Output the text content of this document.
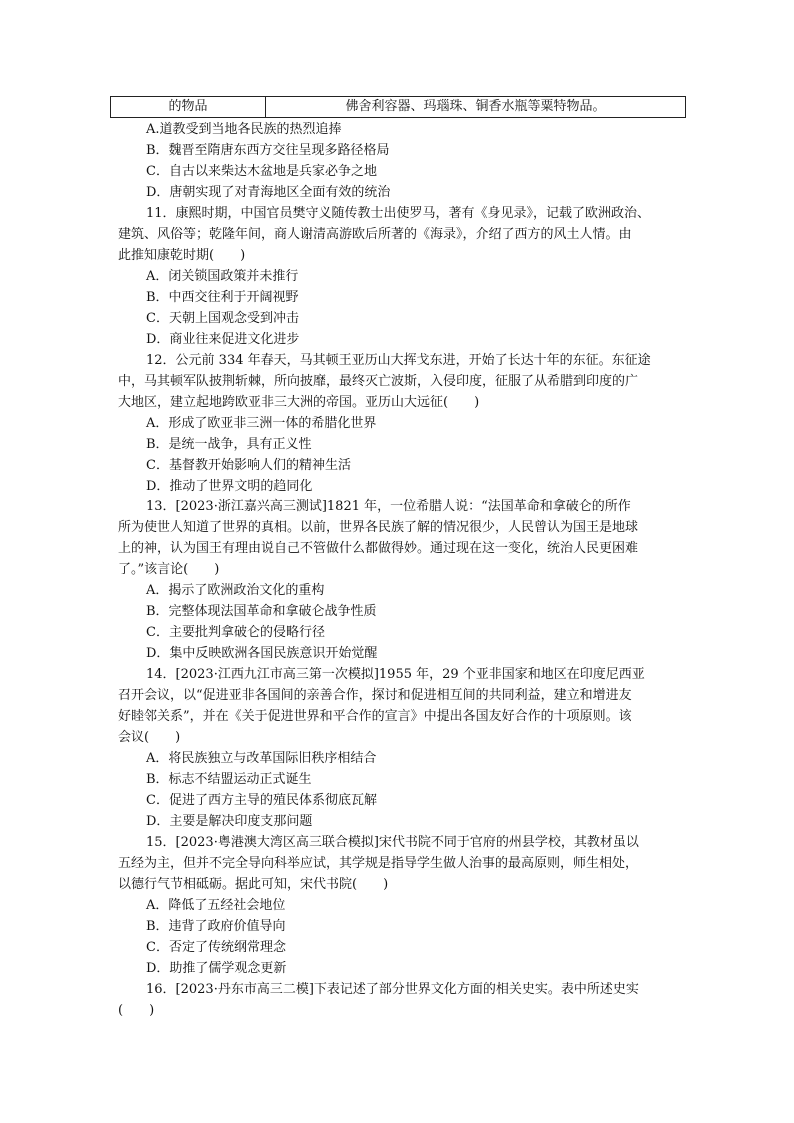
的物品	佛舍利容器、玛瑙珠、铜香水瓶等粟特物品。
A.道教受到当地各民族的热烈追捧
B．魏晋至隋唐东西方交往呈现多路径格局
C．自古以来柴达木盆地是兵家必争之地
D．唐朝实现了对青海地区全面有效的统治
11．康熙时期，中国官员樊守义随传教士出使罗马，著有《身见录》，记载了欧洲政治、
建筑、风俗等；乾隆年间，商人谢清高游欧后所著的《海录》，介绍了西方的风土人情。由
此推知康乾时期(　　)
A．闭关锁国政策并未推行
B．中西交往利于开阔视野
C．天朝上国观念受到冲击
D．商业往来促进文化进步
12．公元前 334 年春天，马其顿王亚历山大挥戈东进，开始了长达十年的东征。东征途
中，马其顿军队披荆斩棘，所向披靡，最终灭亡波斯，入侵印度，征服了从希腊到印度的广
大地区，建立起地跨欧亚非三大洲的帝国。亚历山大远征(　　)
A．形成了欧亚非三洲一体的希腊化世界
B．是统一战争，具有正义性
C．基督教开始影响人们的精神生活
D．推动了世界文明的趋同化
13．[2023·浙江嘉兴高三测试]1821 年，一位希腊人说：“法国革命和拿破仑的所作
所为使世人知道了世界的真相。以前，世界各民族了解的情况很少，人民曾认为国王是地球
上的神，认为国王有理由说自己不管做什么都做得妙。通过现在这一变化，统治人民更困难
了。”该言论(　　)
A．揭示了欧洲政治文化的重构
B．完整体现法国革命和拿破仑战争性质
C．主要批判拿破仑的侵略行径
D．集中反映欧洲各国民族意识开始觉醒
14．[2023·江西九江市高三第一次模拟]1955 年，29 个亚非国家和地区在印度尼西亚
召开会议，以“促进亚非各国间的亲善合作，探讨和促进相互间的共同利益，建立和增进友
好睦邻关系”，并在《关于促进世界和平合作的宣言》中提出各国友好合作的十项原则。该
会议(　　)
A．将民族独立与改革国际旧秩序相结合
B．标志不结盟运动正式诞生
C．促进了西方主导的殖民体系彻底瓦解
D．主要是解决印度支那问题
15．[2023·粤港澳大湾区高三联合模拟]宋代书院不同于官府的州县学校，其教材虽以
五经为主，但并不完全导向科举应试，其学规是指导学生做人治事的最高原则，师生相处，
以德行气节相砥砺。据此可知，宋代书院(　　)
A．降低了五经社会地位
B．违背了政府价值导向
C．否定了传统纲常理念
D．助推了儒学观念更新
16．[2023·丹东市高三二模]下表记述了部分世界文化方面的相关史实。表中所述史实
(　　)
